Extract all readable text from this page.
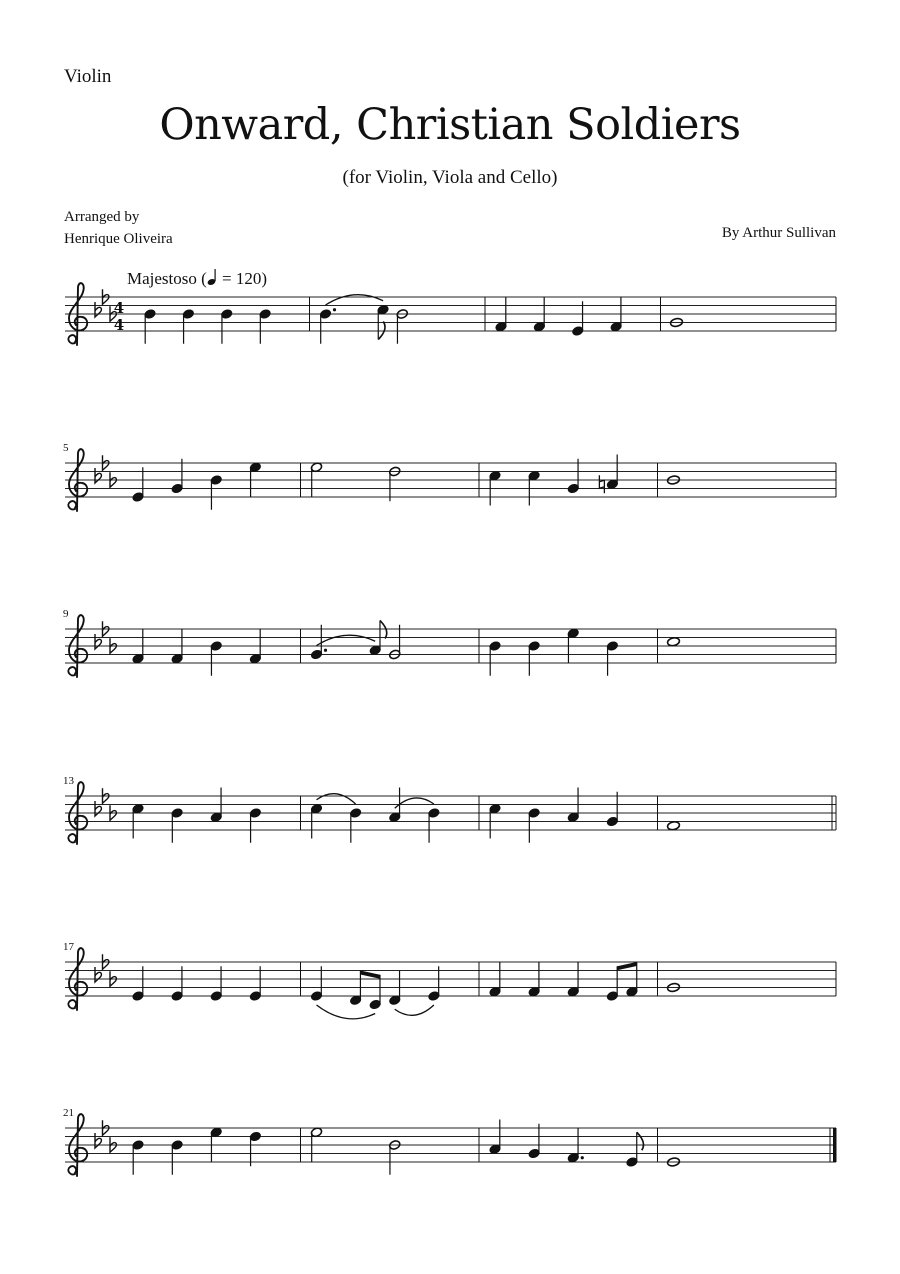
Violin

Onward, Christian Soldiers

(for Violin, Viola and Cello)

Arranged by

Henrique Oliveira	By Arthur Sullivan

Majestoso ( = 120)

4
4
5
9
13
17
21
